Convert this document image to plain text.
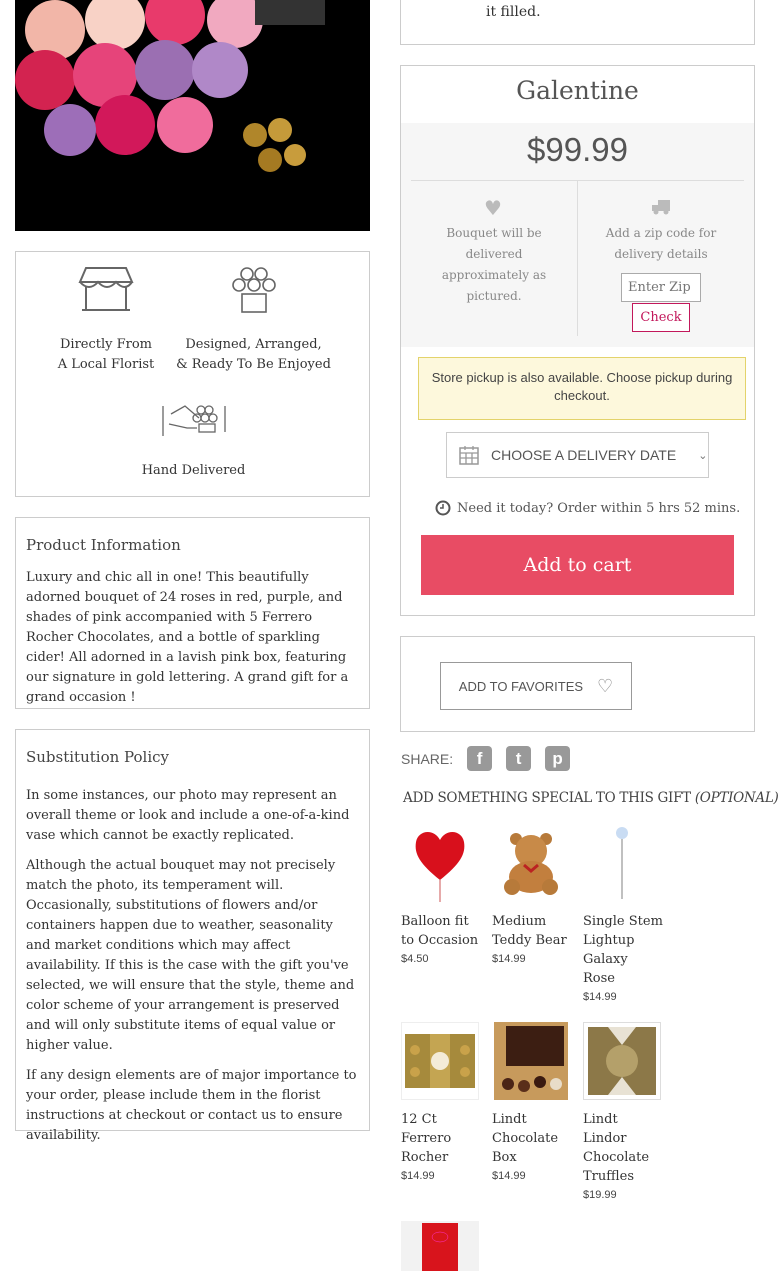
Directly From
A Local Florist
Designed, Arranged,
& Ready To Be Enjoyed
Hand Delivered
Product Information

Luxury and chic all in one! This beautifully adorned bouquet of 24 roses in red, purple, and shades of pink accompanied with 5 Ferrero Rocher Chocolates, and a bottle of sparkling cider! All adorned in a lavish pink box, featuring our signature in gold lettering. A grand gift for a grand occasion !

Substitution Policy

In some instances, our photo may represent an overall theme or look and include a one-of-a-kind vase which cannot be exactly replicated.

Although the actual bouquet may not precisely match the photo, its temperament will. Occasionally, substitutions of flowers and/or containers happen due to weather, seasonality and market conditions which may affect availability. If this is the case with the gift you've selected, we will ensure that the style, theme and color scheme of your arrangement is preserved and will only substitute items of equal value or higher value.

If any design elements are of major importance to your order, please include them in the florist instructions at checkout or contact us to ensure availability.

it filled.
Galentine
$99.99
♥
Bouquet will be delivered approximately as pictured.
Add a zip code for delivery details
Enter Zip
Check
Store pickup is also available. Choose pickup during checkout.
CHOOSE A DELIVERY DATE ⌄
Need it today? Order within 5 hrs 52 mins.
Add to cart
ADD TO FAVORITES ♡
SHARE:	f	t	p
ADD SOMETHING SPECIAL TO THIS GIFT (OPTIONAL)
Balloon fit to Occasion
$4.50
Medium Teddy Bear
$14.99
Single Stem Lightup Galaxy Rose
$14.99
12 Ct Ferrero Rocher
$14.99
Lindt Chocolate Box
$14.99
Lindt Lindor Chocolate Truffles
$19.99
